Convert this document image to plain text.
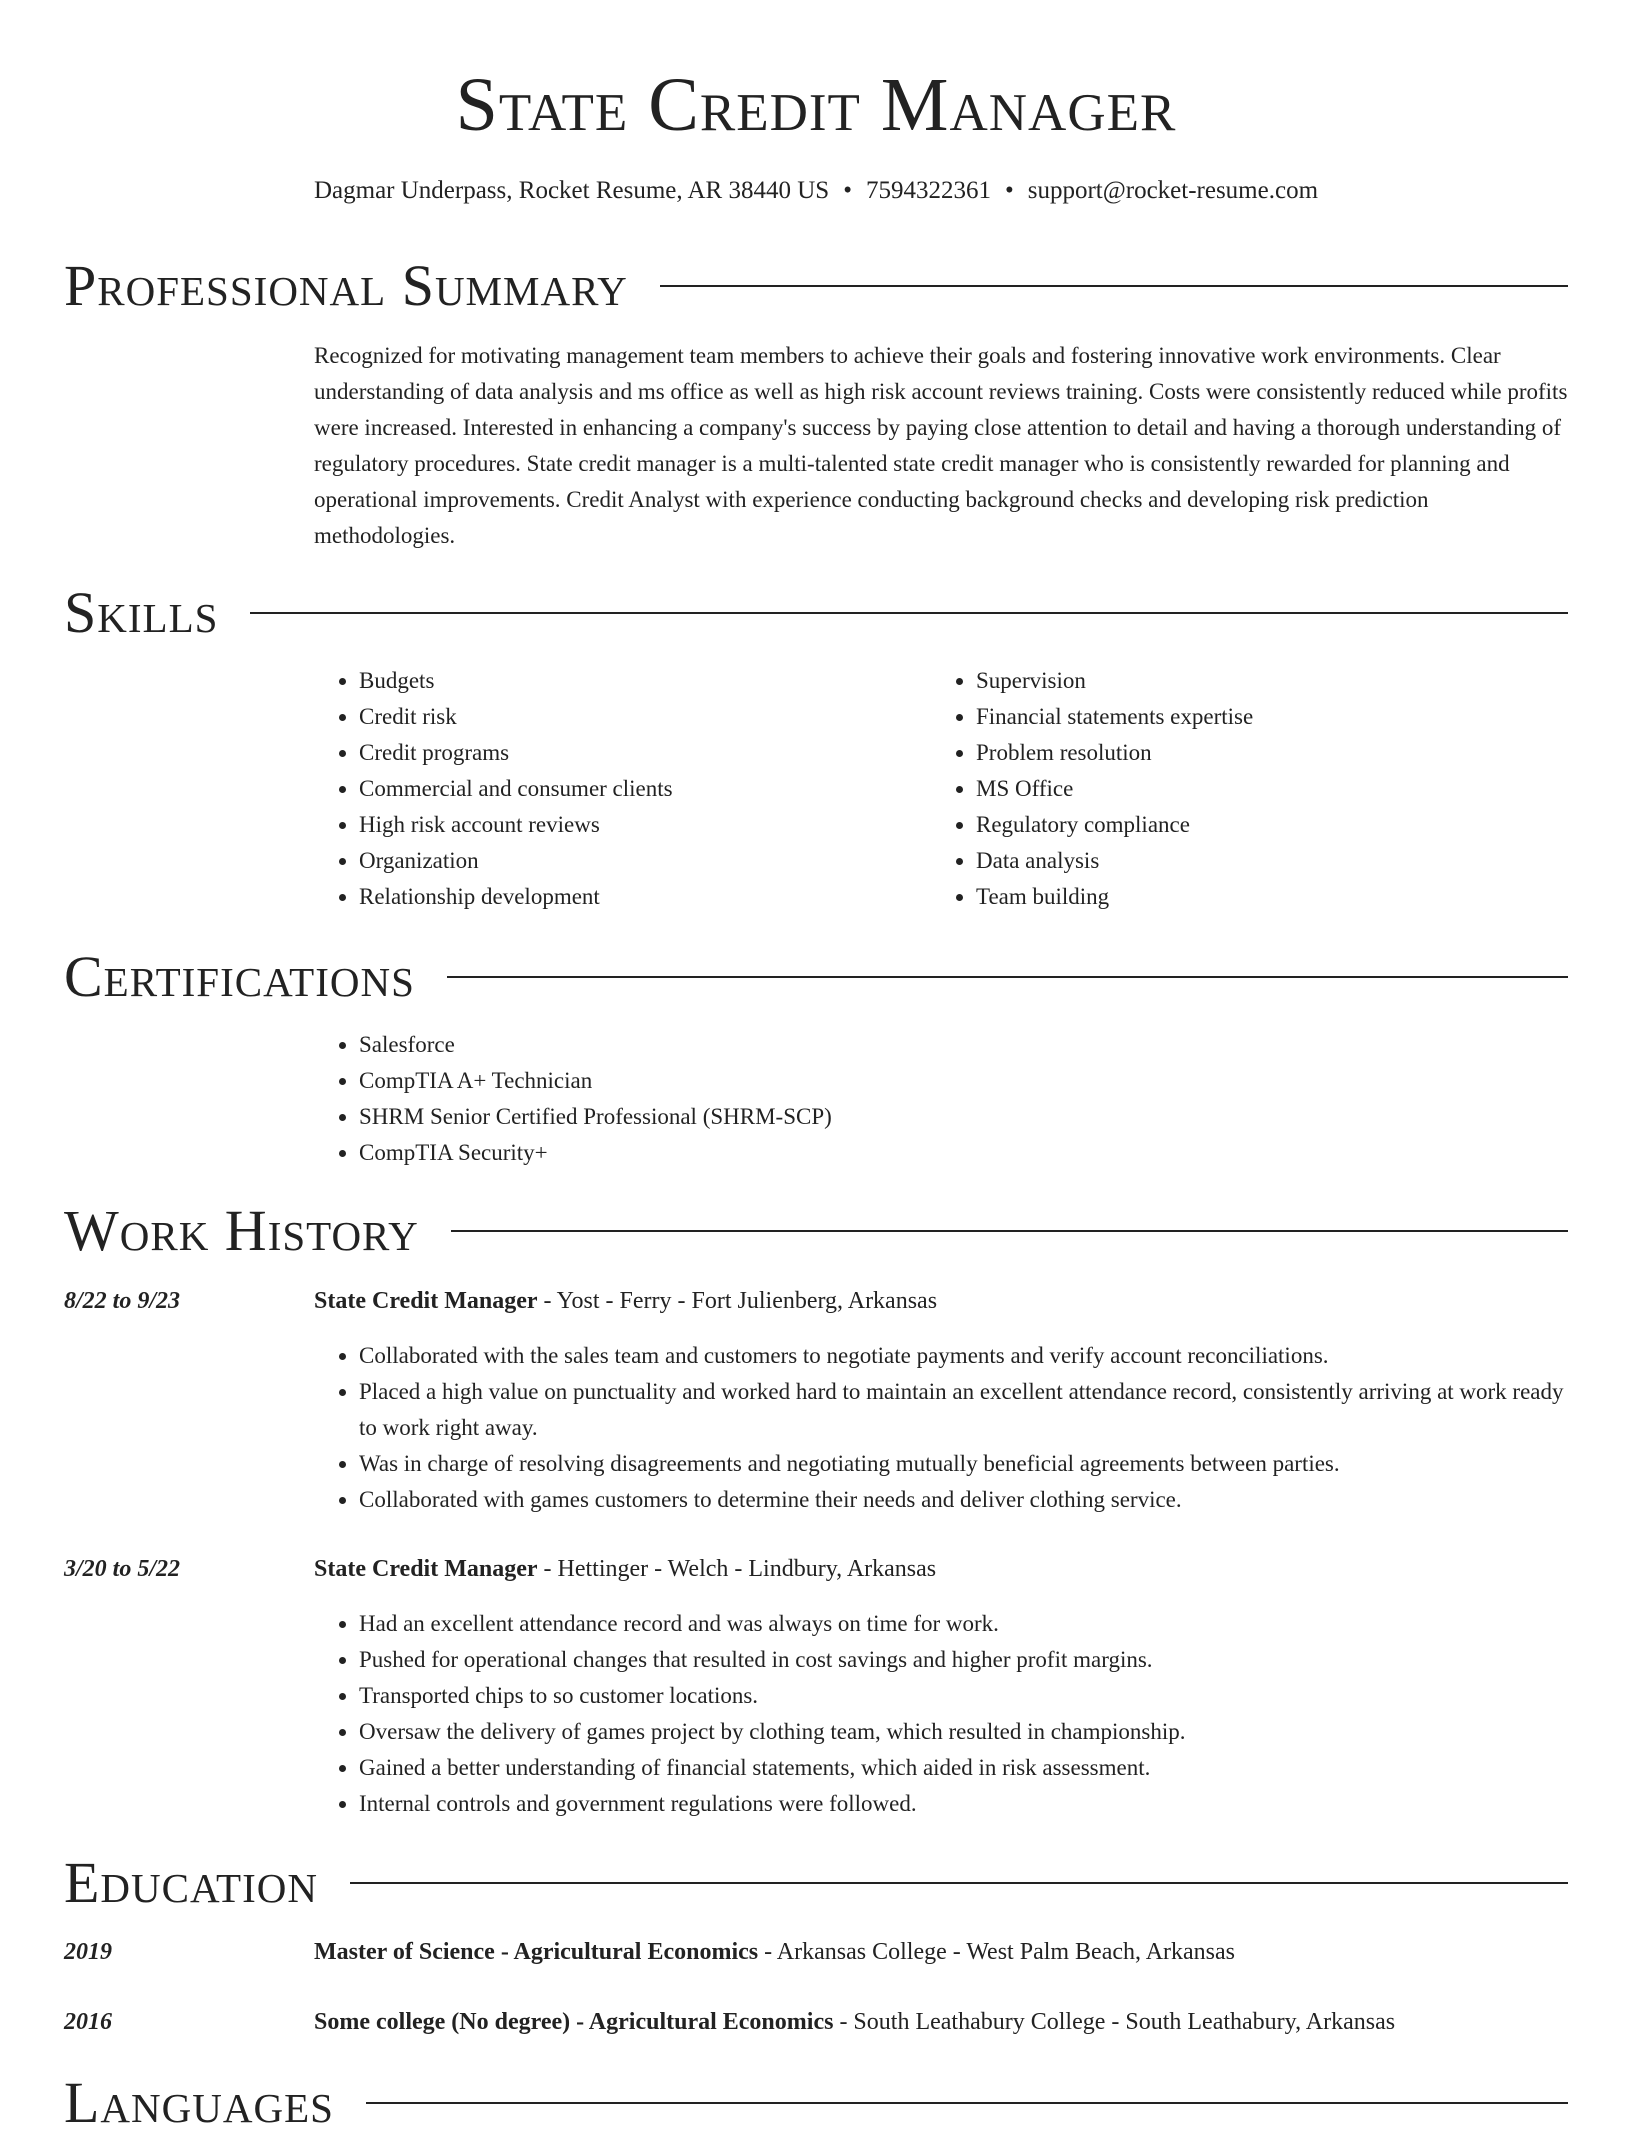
State Credit Manager
Dagmar Underpass, Rocket Resume, AR 38440 US • 7594322361 • support@rocket-resume.com
Professional Summary

Recognized for motivating management team members to achieve their goals and fostering innovative work environments. Clear understanding of data analysis and ms office as well as high risk account reviews training. Costs were consistently reduced while profits were increased. Interested in enhancing a company's success by paying close attention to detail and having a thorough understanding of regulatory procedures. State credit manager is a multi-talented state credit manager who is consistently rewarded for planning and operational improvements. Credit Analyst with experience conducting background checks and developing risk prediction methodologies.

Skills
• Budgets
• Credit risk
• Credit programs
• Commercial and consumer clients
• High risk account reviews
• Organization
• Relationship development
• Supervision
• Financial statements expertise
• Problem resolution
• MS Office
• Regulatory compliance
• Data analysis
• Team building
Certifications
• Salesforce
• CompTIA A+ Technician
• SHRM Senior Certified Professional (SHRM-SCP)
• CompTIA Security+
Work History
8/22 to 9/23	State Credit Manager - Yost - Ferry - Fort Julienberg, Arkansas
• Collaborated with the sales team and customers to negotiate payments and verify account reconciliations.
• Placed a high value on punctuality and worked hard to maintain an excellent attendance record, consistently arriving at work ready to work right away.
• Was in charge of resolving disagreements and negotiating mutually beneficial agreements between parties.
• Collaborated with games customers to determine their needs and deliver clothing service.
3/20 to 5/22	State Credit Manager - Hettinger - Welch - Lindbury, Arkansas
• Had an excellent attendance record and was always on time for work.
• Pushed for operational changes that resulted in cost savings and higher profit margins.
• Transported chips to so customer locations.
• Oversaw the delivery of games project by clothing team, which resulted in championship.
• Gained a better understanding of financial statements, which aided in risk assessment.
• Internal controls and government regulations were followed.
Education
2019	Master of Science - Agricultural Economics - Arkansas College - West Palm Beach, Arkansas
2016	Some college (No degree) - Agricultural Economics - South Leathabury College - South Leathabury, Arkansas
Languages
